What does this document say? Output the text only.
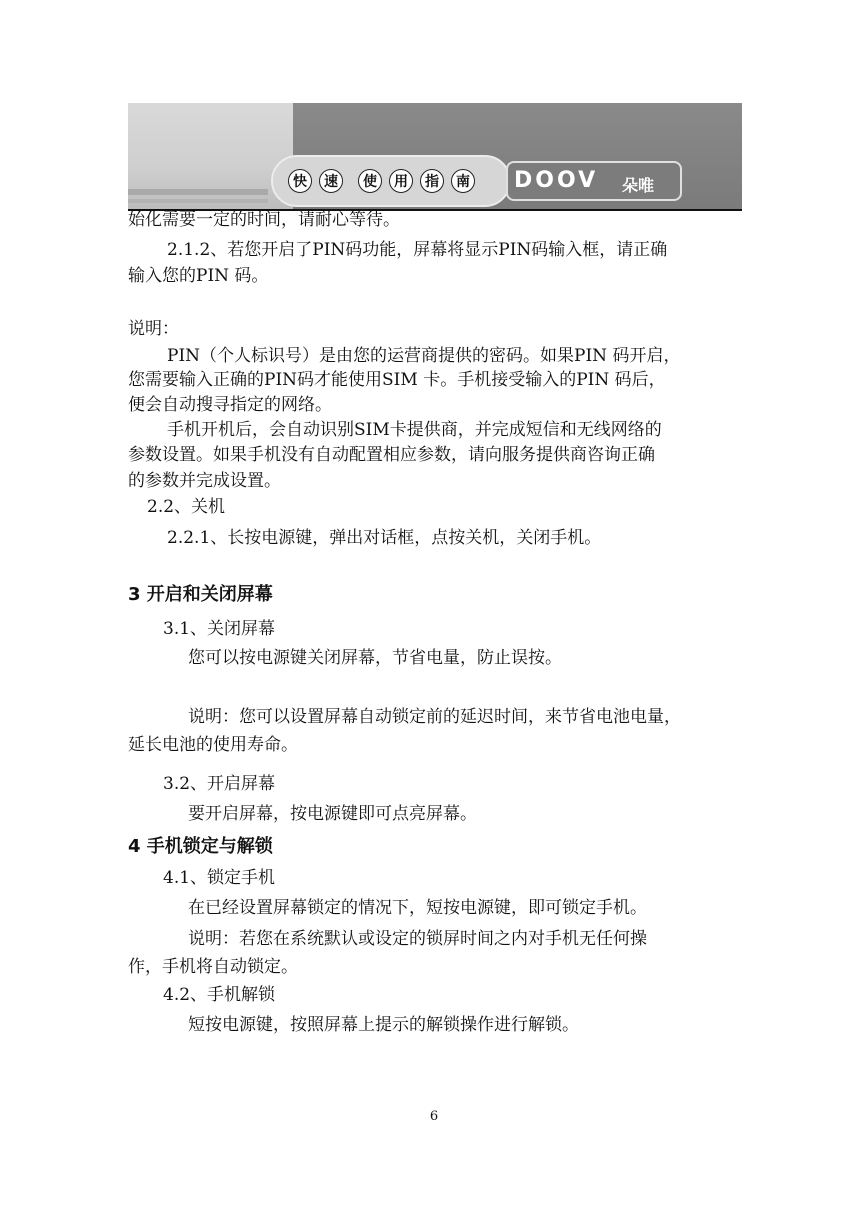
快	速	使	用	指	南 DOOV 朵唯
始化需要一定的时间，请耐心等待。
2.1.2、若您开启了PIN码功能，屏幕将显示PIN码输入框，请正确
输入您的PIN 码。
说明：
PIN（个人标识号）是由您的运营商提供的密码。如果PIN 码开启，
您需要输入正确的PIN码才能使用SIM 卡。手机接受输入的PIN 码后，
便会自动搜寻指定的网络。
手机开机后，会自动识别SIM卡提供商，并完成短信和无线网络的
参数设置。如果手机没有自动配置相应参数，请向服务提供商咨询正确
的参数并完成设置。
2.2、关机
2.2.1、长按电源键，弹出对话框，点按关机，关闭手机。
3 开启和关闭屏幕
3.1、关闭屏幕
您可以按电源键关闭屏幕，节省电量，防止误按。
说明：您可以设置屏幕自动锁定前的延迟时间，来节省电池电量，
延长电池的使用寿命。
3.2、开启屏幕
要开启屏幕，按电源键即可点亮屏幕。
4 手机锁定与解锁
4.1、锁定手机
在已经设置屏幕锁定的情况下，短按电源键，即可锁定手机。
说明：若您在系统默认或设定的锁屏时间之内对手机无任何操
作，手机将自动锁定。
4.2、手机解锁
短按电源键，按照屏幕上提示的解锁操作进行解锁。
6
